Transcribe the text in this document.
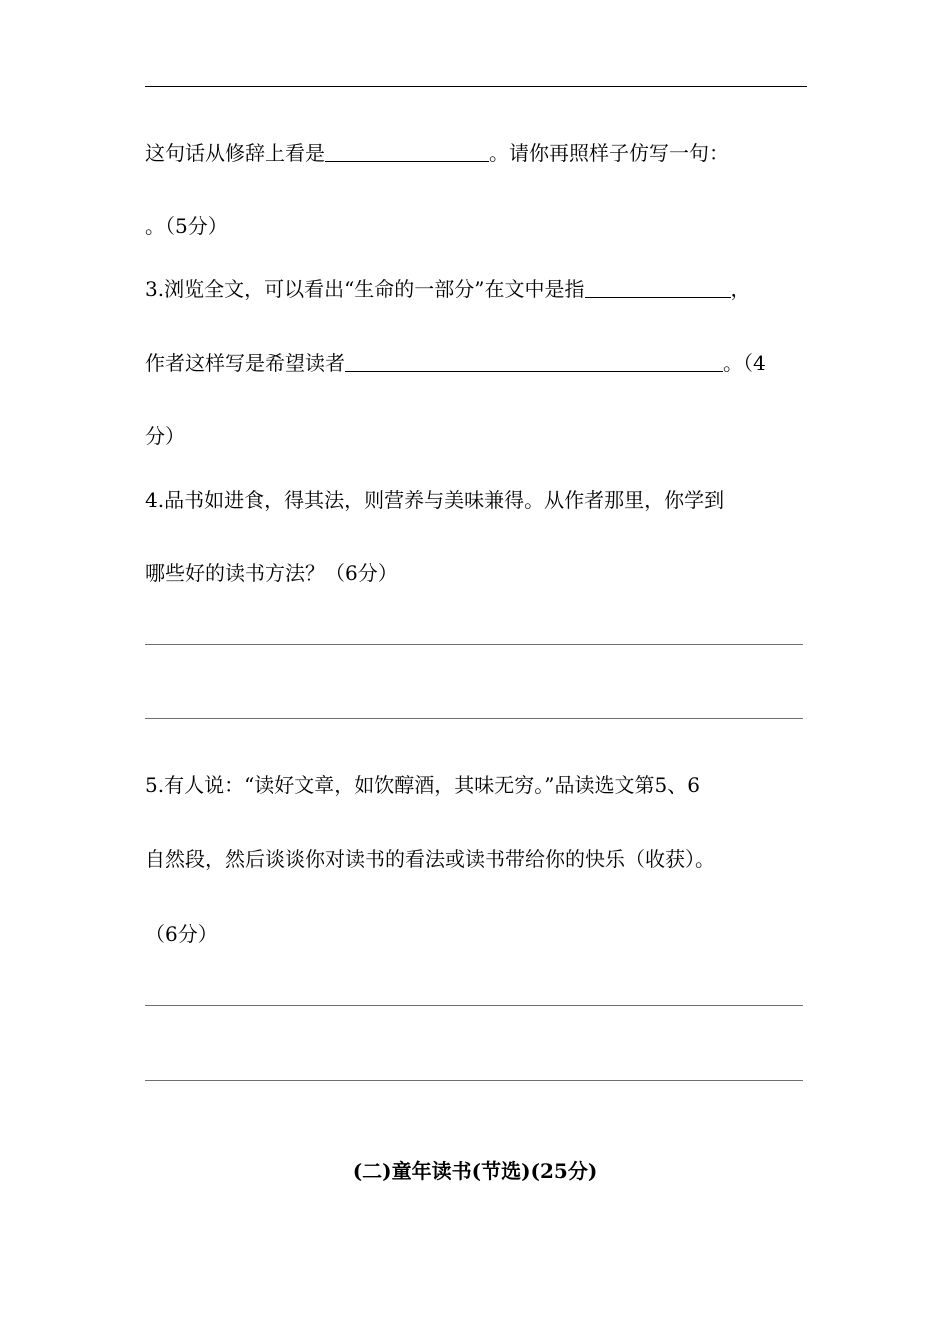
这句话从修辞上看是	。请你再照样子仿写一句：
。（5分）
3.浏览全文，可以看出“生命的一部分”在文中是指	，
作者这样写是希望读者	。（4
分）
4.品书如进食，得其法，则营养与美味兼得。从作者那里，你学到
哪些好的读书方法？（6分）
5.有人说：“读好文章，如饮醇酒，其味无穷。”品读选文第5、6
自然段，然后谈谈你对读书的看法或读书带给你的快乐（收获）。
（6分）
(二)童年读书(节选)(25分)
